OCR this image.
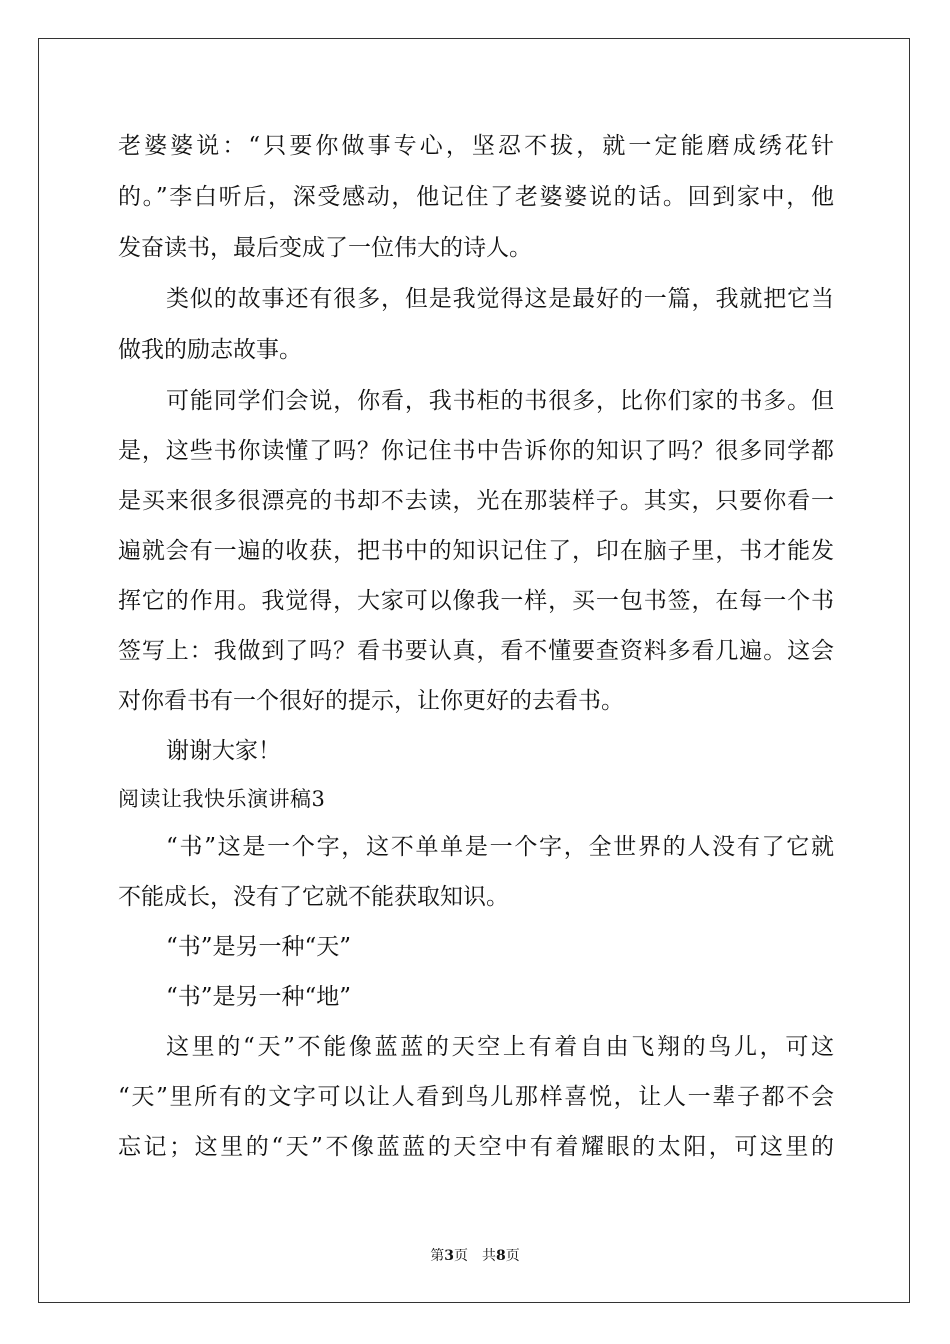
老婆婆说：“只要你做事专心，坚忍不拔，就一定能磨成绣花针
的。”李白听后，深受感动，他记住了老婆婆说的话。回到家中，他
发奋读书，最后变成了一位伟大的诗人。
类似的故事还有很多，但是我觉得这是最好的一篇，我就把它当
做我的励志故事。
可能同学们会说，你看，我书柜的书很多，比你们家的书多。但
是，这些书你读懂了吗？你记住书中告诉你的知识了吗？很多同学都
是买来很多很漂亮的书却不去读，光在那装样子。其实，只要你看一
遍就会有一遍的收获，把书中的知识记住了，印在脑子里，书才能发
挥它的作用。我觉得，大家可以像我一样，买一包书签，在每一个书
签写上：我做到了吗？看书要认真，看不懂要查资料多看几遍。这会
对你看书有一个很好的提示，让你更好的去看书。
谢谢大家！
阅读让我快乐演讲稿3
“书”这是一个字，这不单单是一个字，全世界的人没有了它就
不能成长，没有了它就不能获取知识。
“书”是另一种“天”
“书”是另一种“地”
这里的“天”不能像蓝蓝的天空上有着自由飞翔的鸟儿，可这
“天”里所有的文字可以让人看到鸟儿那样喜悦，让人一辈子都不会
忘记；这里的“天”不像蓝蓝的天空中有着耀眼的太阳，可这里的
第3页 共8页
